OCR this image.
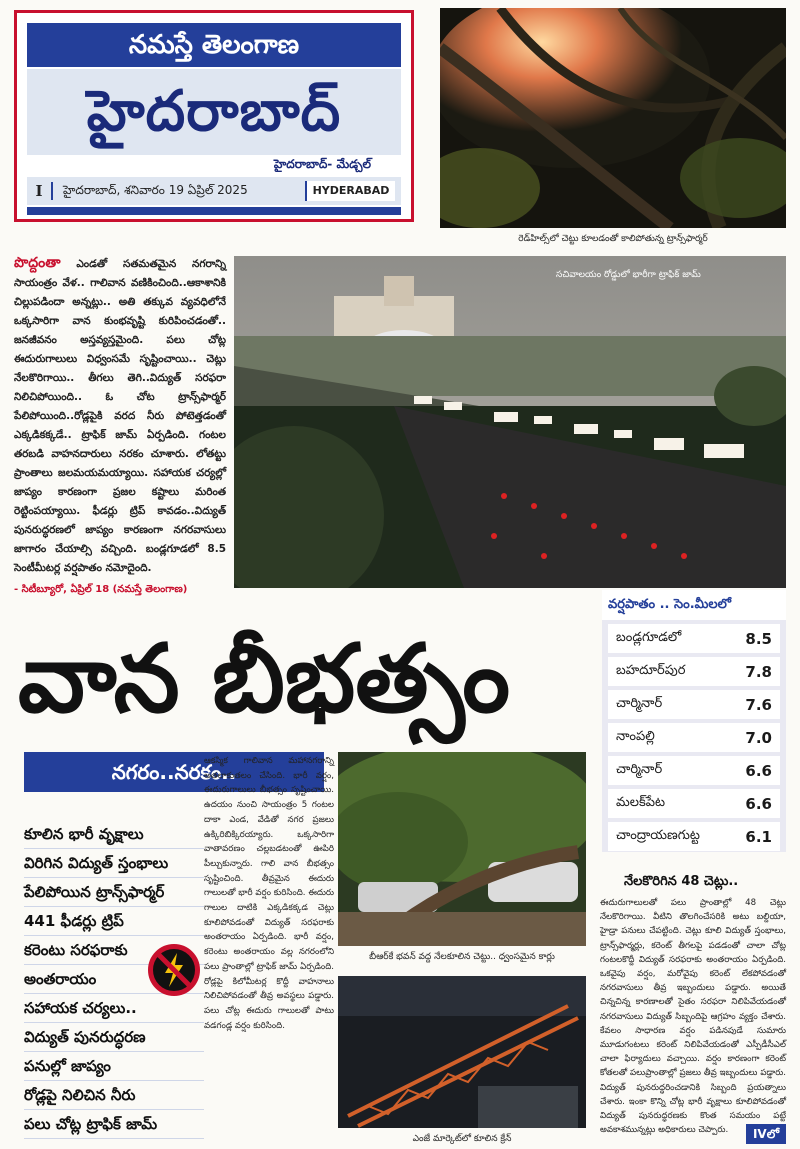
నమస్తే తెలంగాణ
హైదరాబాద్
హైదరాబాద్- మేడ్చల్
I	హైదరాబాద్, శనివారం 19 ఏప్రిల్ 2025	HYDERABAD
రెడ్‌హిల్స్‌లో చెట్టు కూలడంతో కాలిపోతున్న ట్రాన్స్‌ఫార్మర్
సచివాలయం రోడ్డులో భారీగా ట్రాఫిక్ జామ్
పొద్దంతా ఎండతో సతమతమైన నగరాన్ని సాయంత్రం వేళ.. గాలివాన వణికించింది..ఆకాశానికి చిల్లుపడిందా అన్నట్లు.. అతి తక్కువ వ్యవధిలోనే ఒక్కసారిగా వాన కుంభవృష్టి కురిపించడంతో.. జనజీవనం అస్తవ్యస్తమైంది. పలు చోట్ల ఈదురుగాలులు విధ్వంసమే సృష్టించాయి.. చెట్లు నేలకొరిగాయి.. తీగలు తెగి..విద్యుత్ సరఫరా నిలిచిపోయింది.. ఓ చోట ట్రాన్స్‌ఫార్మర్ పేలిపోయింది..రోడ్లపైకి వరద నీరు పోటెత్తడంతో ఎక్కడికక్కడే.. ట్రాఫిక్ జామ్ ఏర్పడింది. గంటల తరబడి వాహనదారులు నరకం చూశారు. లోతట్టు ప్రాంతాలు జలమయమయ్యాయి. సహాయక చర్యల్లో జాప్యం కారణంగా ప్రజల కష్టాలు మరింత రెట్టింపయ్యాయి. ఫీడర్లు ట్రిప్ కావడం..విద్యుత్ పునరుద్ధరణలో జాప్యం కారణంగా నగరవాసులు జాగారం చేయాల్సి వచ్చింది. బండ్లగూడలో 8.5 సెంటీమీటర్ల వర్షపాతం నమోదైంది.
- సిటీబ్యూరో, ఏప్రిల్ 18 (నమస్తే తెలంగాణ)
వాన బీభత్సం
వర్షపాతం .. సెం.మీలలో
బండ్లగూడలో	8.5
బహదూర్‌పుర	7.8
చార్మినార్	7.6
నాంపల్లి	7.0
చార్మినార్	6.6
మలక్‌పేట	6.6
చాంద్రాయణగుట్ట	6.1
నగరం..నరకం..
కూలిన భారీ వృక్షాలు
విరిగిన విద్యుత్ స్తంభాలు
పేలిపోయిన ట్రాన్స్‌ఫార్మర్
441 ఫీడర్లు ట్రిప్
కరెంటు సరఫరాకు
అంతరాయం
సహాయక చర్యలు..
విద్యుత్ పునరుద్ధరణ
పనుల్లో జాప్యం
రోడ్లపై నిలిచిన నీరు
పలు చోట్ల ట్రాఫిక్ జామ్
ఆకస్మిక గాలివాన మహానగరాన్ని అతలాకుతలం చేసింది. భారీ వర్షం, ఈదురుగాలులు బీభత్సం సృష్టించాయి. ఉదయం నుంచి సాయంత్రం 5 గంటల దాకా ఎండ, వేడితో నగర ప్రజలు ఉక్కిరిబిక్కిరయ్యారు. ఒక్కసారిగా వాతావరణం చల్లబడటంతో ఊపిరి పీల్చుకున్నారు. గాలి వాన బీభత్సం సృష్టించింది. తీవ్రమైన ఈదురు గాలులతో భారీ వర్షం కురిసింది. ఈదురు గాలుల దాటికి ఎక్కడికక్కడ చెట్లు కూలిపోవడంతో విద్యుత్ సరఫరాకు అంతరాయం ఏర్పడింది. భారీ వర్షం, కరెంటు అంతరాయం వల్ల నగరంలోని పలు ప్రాంతాల్లో ట్రాఫిక్ జామ్ ఏర్పడింది. రోడ్లపై కిలోమీటర్ల కొద్దీ వాహనాలు నిలిచిపోవడంతో తీవ్ర అవస్థలు పడ్డారు. పలు చోట్ల ఈదురు గాలులతో పాటు వడగండ్ల వర్షం కురిసింది.
బీఆర్‌కే భవన్ వద్ద నేలకూలిన చెట్టు.. ధ్వంసమైన కార్లు
ఎంజే మార్కెట్‌లో కూలిన క్రేన్
నేలకొరిగిన 48 చెట్లు..
ఈదురుగాలులతో పలు ప్రాంతాల్లో 48 చెట్లు నేలకొరిగాయి. వీటిని తొలగించేసరికి అటు బల్దియా, హైడ్రా పనులు చేపట్టింది. చెట్లు కూలి విద్యుత్ స్తంభాలు, ట్రాన్స్‌ఫార్మర్లు, కరెంట్ తీగలపై పడడంతో చాలా చోట్ల గంటలకొద్దీ విద్యుత్ సరఫరాకు అంతరాయం ఏర్పడింది. ఒకవైపు వర్షం, మరోవైపు కరెంట్ లేకపోవడంతో నగరవాసులు తీవ్ర ఇబ్బందులు పడ్డారు. అయితే చిన్నచిన్న కారణాలతో సైతం సరఫరా నిలిపివేయడంతో నగరవాసులు విద్యుత్ సిబ్బందిపై ఆగ్రహం వ్యక్తం చేశారు. కేవలం సాధారణ వర్షం పడినపుడే సుమారు మూడుగంటలు కరెంట్ నిలిపివేయడంతో ఎస్పీడీసీఎల్ చాలా ఫిర్యాదులు వచ్చాయి. వర్షం కారణంగా కరెంట్ కోతలతో పలుప్రాంతాల్లో ప్రజలు తీవ్ర ఇబ్బందులు పడ్డారు. విద్యుత్ పునరుద్ధరించడానికి సిబ్బంది ప్రయత్నాలు చేశారు. ఇంకా కొన్ని చోట్ల భారీ వృక్షాలు కూలిపోవడంతో విద్యుత్ పునరుద్ధరణకు కొంత సమయం పట్టే అవకాశమున్నట్లు అధికారులు చెప్పారు.	IVలో
